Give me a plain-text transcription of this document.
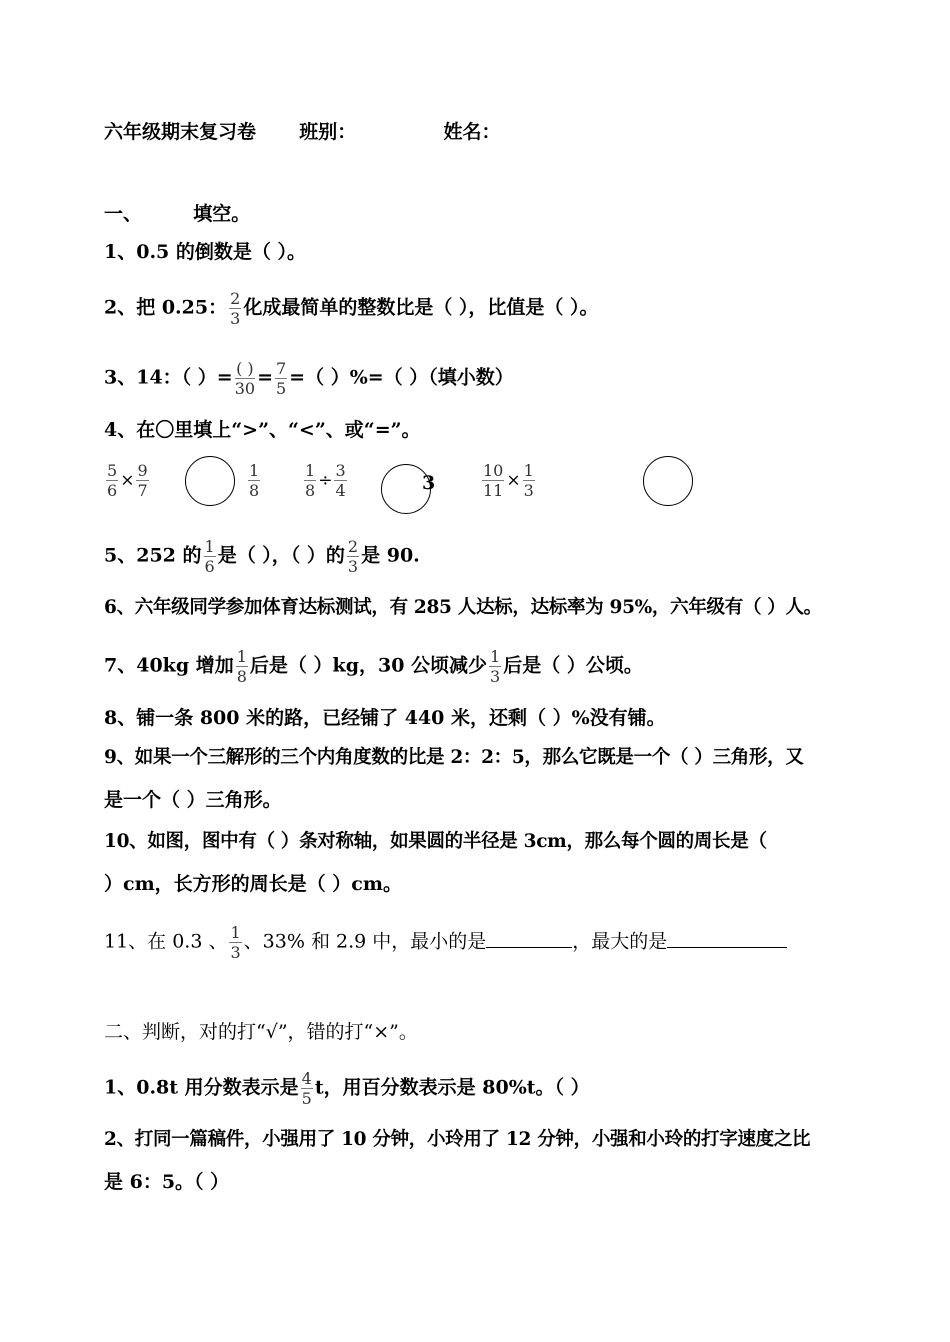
六年级期末复习卷 班别：	姓名：
一、	填空。
1、0.5 的倒数是（ ）。
2、把 0.25： $\frac{2}{3}$ 化成最简单的整数比是（ ），比值是（ ）。
3、14：（ ）= $\frac{( )}{30} = \frac{7}{5}$ =（ ）%=（ ）（填小数）
4、在〇里填上“>”、“<”、或“=”。
$\frac{5}{6} \times \frac{9}{7}$	$\frac{1}{8}$	$\frac{1}{8} \div \frac{3}{4}$	3	$\frac{10}{11} \times \frac{1}{3}$
5、252 的 $\frac{1}{6}$ 是（ ），（ ）的 $\frac{2}{3}$ 是 90.
6、六年级同学参加体育达标测试，有 285 人达标，达标率为 95%，六年级有（ ）人。
7、40kg 增加 $\frac{1}{8}$ 后是（ ）kg，30 公顷减少 $\frac{1}{3}$ 后是（ ）公顷。
8、铺一条 800 米的路，已经铺了 440 米，还剩（ ）%没有铺。
9、如果一个三解形的三个内角度数的比是 2：2：5，那么它既是一个（ ）三角形，又
是一个（ ）三角形。
10、如图，图中有（ ）条对称轴，如果圆的半径是 3cm，那么每个圆的周长是（
）cm，长方形的周长是（ ）cm。
11、在 0.3 、 $\frac{1}{3}$ 、33% 和 2.9 中，最小的是	，最大的是
二、判断，对的打“√”，错的打“×”。
1、0.8t 用分数表示是 $\frac{4}{5}$ t，用百分数表示是 80%t。（ ）
2、打同一篇稿件，小强用了 10 分钟，小玲用了 12 分钟，小强和小玲的打字速度之比
是 6：5。（ ）
